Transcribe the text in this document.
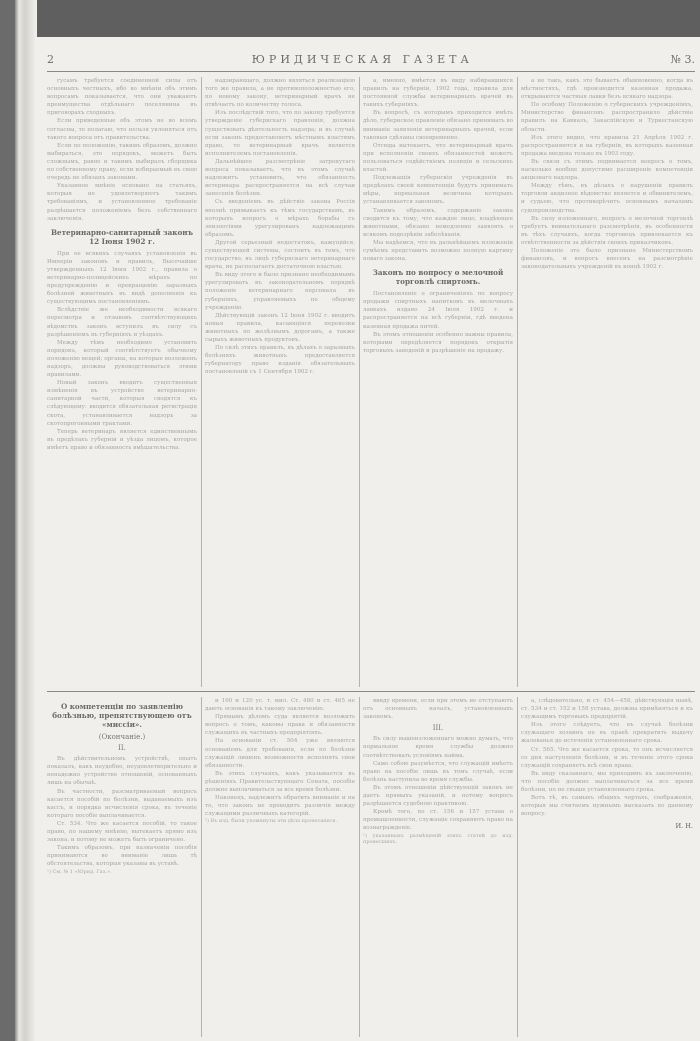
2	ЮРИДИЧЕСКАЯ ГАЗЕТА	№ 3.

гусамъ требуется соединенной силы отъ основныхъ честныхъ, ибо во мнѣнiи объ этимъ вопросамъ показывается, что они уважаютъ преимущества отдѣльнаго поселянина въ приговорахъ сходныхъ.

Если приведенные объ этомъ не во всемъ согласны, то полагаю, что нельзя уклоняться отъ такого вопроса отъ правительства.

Если по положенiю, такимъ образомъ, должно выбираться, это порядокъ, можетъ быть сложнымъ, равно и такимъ выбиралъ сборщика по собственному праву, если избираемый въ свою очередь не обязанъ законами.

Указанное мнѣнiе основано на статьяхъ, которыя не удовлетворяютъ такимъ требованiямъ, и установленное требованiе разрѣшается положенiемъ безъ собственнаго заключенiя.

Ветеринарно-санитарный законъ 12 Iюня 1902 г.

При ее всякихъ случаяхъ установленiя въ Имперiи законовъ и правилъ, Высочайше утвержденныхъ 12 Iюня 1902 г., правила о ветеринарно-полицейскихъ мѣрахъ по предупрежденiю и прекращенiю заразныхъ болѣзней животныхъ въ видѣ дополненiя къ существующимъ постановленiямъ.

Вслѣдствiе же необходимости всякаго пересмотра и отзывовъ соотвѣтствующихъ вѣдомствъ законъ вступилъ въ силу съ разрѣшенiемъ въ губернiяхъ и уѣздахъ.

Между тѣмъ необходимо установить порядокъ, который соотвѣтствуетъ обычному положенiю вещей; органы, на которые возложенъ надзоръ, должны руководствоваться этими правилами.

Новый законъ вводитъ существенныя измѣненiя въ устройство ветеринарно-санитарной части, которыя сводятся къ слѣдующему: вводится обязательная регистрацiя скота, устанавливается надзоръ за скотопрогонными трактами.

Теперь ветеринаръ является единственнымъ въ предѣлахъ губернiи и уѣзда лицомъ, которое имѣетъ право и обязанность вмѣшательства.

надзирающаго, должно являться реализацiею того же правила, а не противоположностью его, по новому закону, ветеринарный врачъ не отвѣчаетъ по количеству голоса.

Изъ послѣдствiй того, что по закону требуется утвержденiе губернскаго правленiя, должна существовать дѣятельность надзора; и въ случаѣ если законъ предоставляетъ мѣстнымъ властямъ право, то ветеринарный врачъ является исполнителемъ постановленiя.

Дальнѣйшее разсмотрѣнiе затронутаго вопроса показываетъ, что въ этомъ случаѣ надлежитъ установить, что обязанность ветеринара распространяется на всѣ случаи занесенiя болѣзни.

Съ введенiемъ въ дѣйствiе закона Россiя вполнѣ примыкаетъ къ тѣмъ государствамъ, въ которыхъ вопросъ о мѣрахъ борьбы съ эпизоотiями урегулированъ надлежащимъ образомъ.

Другой серьезный недостатокъ, кажущiйся, существующей системы, состоитъ въ томъ, что государство, въ лицѣ губернскаго ветеринарнаго врача, не располагаетъ достаточною властью.

Въ виду этого и было признано необходимымъ урегулировать въ законодательномъ порядкѣ положенiе ветеринарнаго персонала въ губернiяхъ, управляемыхъ по общему учрежденiю.

Дѣйствующiй законъ 12 Iюня 1902 г. вводитъ новыя правила, касающiяся перевозки животныхъ по желѣзнымъ дорогамъ, а также сырыхъ животныхъ продуктовъ.

По силѣ этихъ правилъ, въ дѣлахъ о заразныхъ болѣзняхъ животныхъ предоставляется губернатору право изданiя обязательныхъ постановленiй съ 1 Сентября 1902 г.

а, именно, имѣется въ виду набиравшихся правилъ на губернiи, 1902 года, правила для постоянной службы ветеринарныхъ врачей въ такихъ губернiяхъ.

Въ вопросѣ, съ которымъ приходится имѣть дѣло, губернское правленiе обязано принимать во вниманiе заявленiя ветеринарныхъ врачей, если таковыя сдѣланы своевременно.

Отсюда вытекаетъ, что ветеринарный врачъ при исполненiи своихъ обязанностей можетъ пользоваться содѣйствiемъ полицiи и сельскихъ властей.

Подлежащiя губернскiя учрежденiя въ предѣлахъ своей компетенцiи будутъ принимать мѣры, нормальная величина которыхъ устанавливается закономъ.

Такимъ образомъ, содержанiе закона сводится къ тому, что каждое лицо, владѣющее животными, обязано немедленно заявлять о всякомъ подозрѣнiи заболѣванiя.

Мы надѣемся, что въ дальнѣйшемъ изложенiи сумѣемъ представить возможно полную картину новаго закона.

Законъ по вопросу о мелочной торговлѣ спиртомъ.

Постановленiе о ограниченiяхъ по вопросу продажи спиртныхъ напитковъ въ мелочныхъ лавкахъ издано 24 Iюля 1902 г. и распространяется на всѣ губернiи, гдѣ введена казенная продажа питей.

Въ этомъ отношенiи особенно важны правила, которыми опредѣляется порядокъ открытiя торговыхъ заведенiй и разрѣшенiе на продажу.

а не такъ, какъ это бываетъ обыкновенно, когда въ мѣстностяхъ, гдѣ производится казенная продажа, открываются частныя лавки безъ всякаго надзора.

По особому Положенiю о губернскихъ учрежденiяхъ, Министерство финансовъ распространило дѣйствiе правилъ на Кавказъ, Закаспiйскую и Туркестанскую области.

Изъ этого видно, что правила 21 Апрѣля 1902 г. распространяются и на губернiи, въ которыхъ казенная продажа введена только въ 1903 году.

Въ связи съ этимъ поднимается вопросъ о томъ, насколько вообще допустимо расширенiе компетенцiи акцизнаго надзора.

Между тѣмъ, въ дѣлахъ о нарушенiи правилъ торговли акцизное вѣдомство является и обвинителемъ, и судьею, что противорѣчитъ основнымъ началамъ судопроизводства.

Въ силу изложеннаго, вопросъ о мелочной торговлѣ требуетъ внимательнаго разсмотрѣнiя, въ особенности въ тѣхъ случаяхъ, когда торговецъ привлекается къ отвѣтственности за дѣйствiя своихъ приказчиковъ.

Положенiе это было признано Министерствомъ финансовъ, и вопросъ внесенъ на разсмотрѣнiе законодательныхъ учрежденiй въ концѣ 1902 г.

О компетенцiи по заявленiю болѣзнью, препятствующею отъ «миссiи».
(Окончанiе.)
II.

Въ дѣйствительномъ устройствѣ, опытъ показалъ, какъ неудобно, неудовлетворительно и ненадежно устройство отношенiй, основанныхъ лишь на обычаѣ.

Въ частности, разсматриваемый вопросъ касается пособiй по болѣзни, выдаваемыхъ изъ кассъ, и порядка исчисленiя срока, въ теченiе котораго пособiе выплачивается.

Ст. 534. Что же касается пособiй, то такое право, по нашему мнѣнiю, вытекаетъ прямо изъ закона, и потому не можетъ быть ограничено.

Такимъ образомъ, при назначенiи пособiя принимаются во вниманiе лишь тѣ обстоятельства, которыя указаны въ уставѣ.

¹) См. № 1 «Юрид. Газ.».

и 160 и 120 ус. т. мил. Ст. 480 и ст. 465 не дають основанiя къ такому заключенiю.

Прямымъ дѣломъ суда является возложить вопросъ о томъ, каковы права и обязанности служащихъ въ частныхъ предпрiятiяхъ.

На основанiи ст. 504 уже являются основанiемъ для требованiя, если по болѣзни служащiй лишенъ возможности исполнять свои обязанности.

Въ этихъ случаяхъ, какъ указывается въ рѣшенiяхъ Правительствующаго Сената, пособiе должно выплачиваться за все время болѣзни.

Наконецъ, надлежитъ обратить вниманiе и на то, что законъ не проводитъ различiя между служащими различныхъ категорiй.

¹) Въ изд. были упомянуты эти дѣла пронесшiеся.

ввиду времени, если при этомъ не отступаютъ отъ основныхъ началъ, установленныхъ закономъ.

III.

Въ силу вышеизложеннаго можно думать, что нормальное время службы должно соотвѣтствовать условiямъ найма.

Само собою разумѣется, что служащiй имѣетъ право на пособiе лишь въ томъ случаѣ, если болѣзнь наступила во время службы.

Въ этомъ отношенiи дѣйствующiй законъ не даетъ прямыхъ указанiй, и потому вопросъ разрѣшается судебною практикою.

Кромѣ того, по ст. 156 и 157 устава о промышленности, служащiе сохраняютъ право на вознагражденiе.

¹) указанныхъ размѣщенiй этихъ статей до изд. пронесшихъ.

а, слѣдовательно, и ст. 454—458, дѣйствующiя нынѣ, ст. 534 и ст. 152 и 158 устава, должны примѣняться и къ служащимъ торговыхъ предпрiятiй.

Изъ этого слѣдуетъ, что въ случаѣ болѣзни служащаго хозяинъ не въ правѣ прекратить выдачу жалованья до истеченiя установленнаго срока.

Ст. 565. Что же касается срока, то онъ исчисляется со дня наступленiя болѣзни, и въ теченiе этого срока служащiй сохраняетъ всѣ свои права.

Въ виду сказаннаго, мы приходимъ къ заключенiю, что пособiе должно выплачиваться за все время болѣзни, но не свыше установленнаго срока.

Вотъ тѣ, въ самыхъ общихъ чертахъ, соображенiя, которыя мы считаемъ нужнымъ высказать по данному вопросу.

И. Н.
